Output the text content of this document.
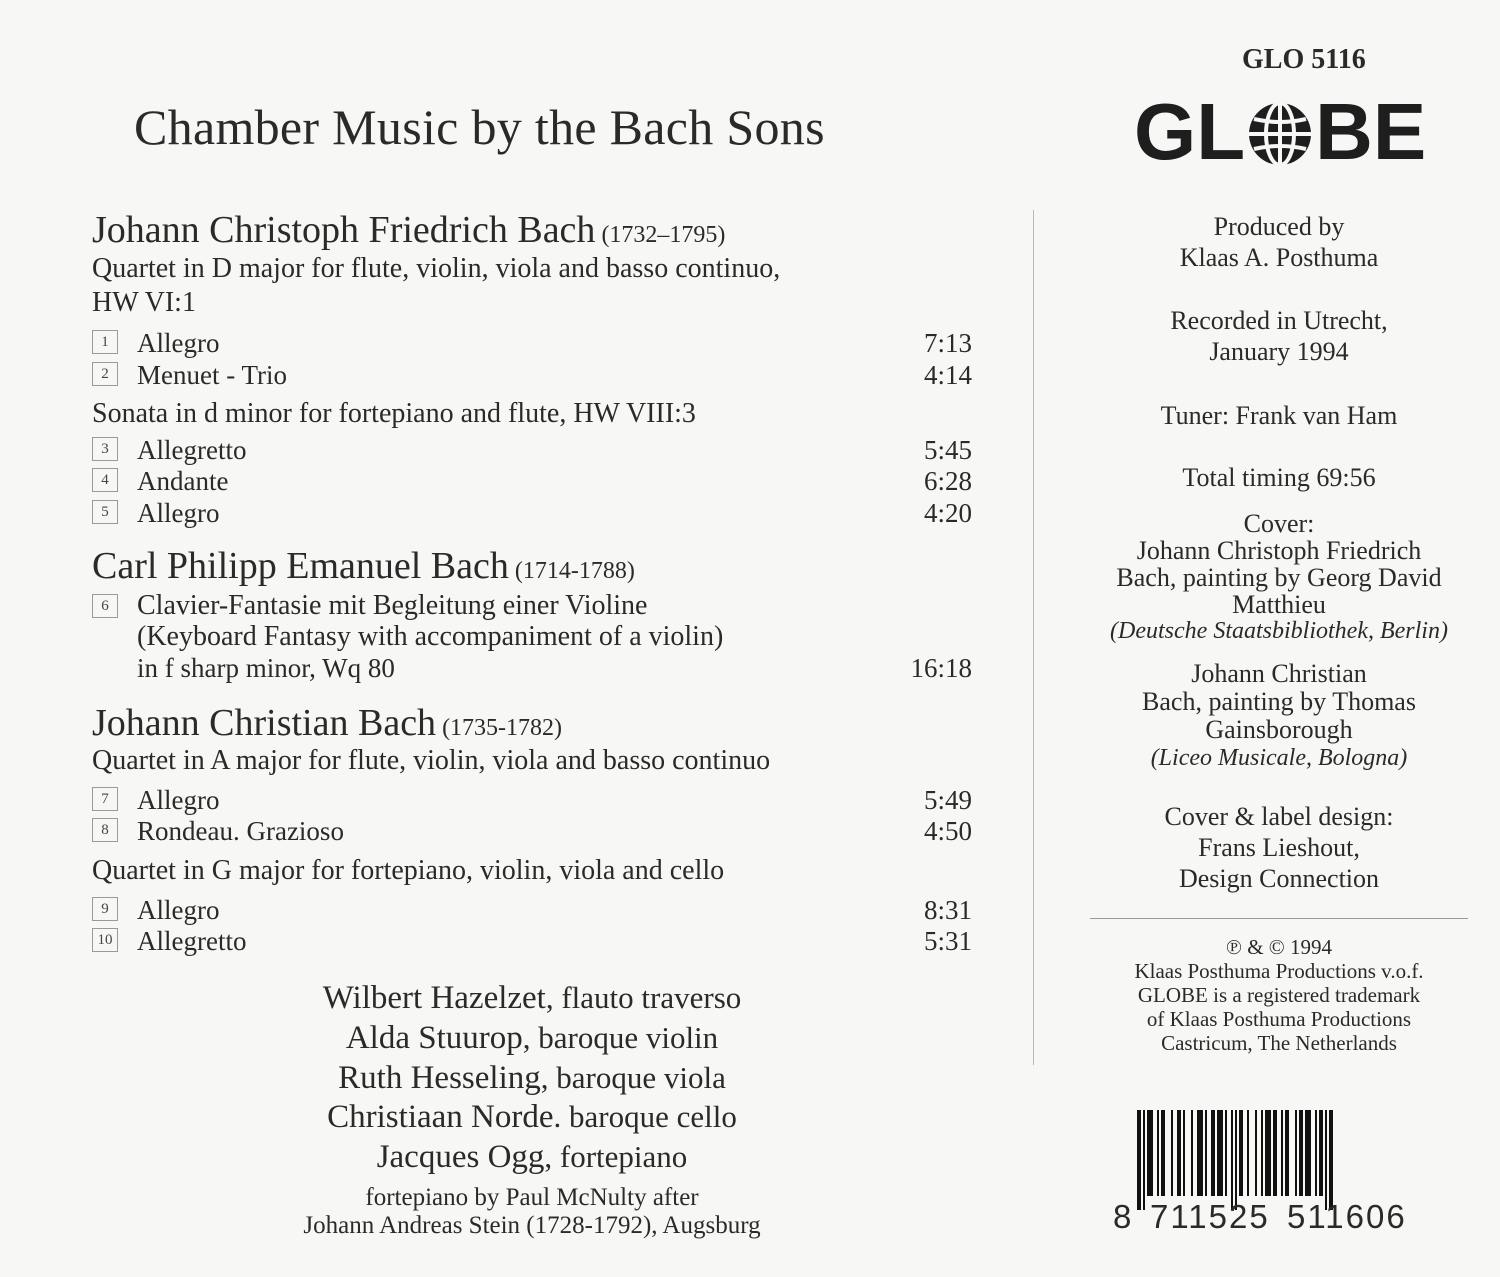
Chamber Music by the Bach Sons
Johann Christoph Friedrich Bach (1732–1795)
Quartet in D major for flute, violin, viola and basso continuo,
HW VI:1
1	Allegro	7:13
2	Menuet - Trio	4:14
Sonata in d minor for fortepiano and flute, HW VIII:3
3	Allegretto	5:45
4	Andante	6:28
5	Allegro	4:20
Carl Philipp Emanuel Bach (1714-1788)
6	Clavier-Fantasie mit Begleitung einer Violine
(Keyboard Fantasy with accompaniment of a violin)
in f sharp minor, Wq 80	16:18
Johann Christian Bach (1735-1782)
Quartet in A major for flute, violin, viola and basso continuo
7	Allegro	5:49
8	Rondeau. Grazioso	4:50
Quartet in G major for fortepiano, violin, viola and cello
9	Allegro	8:31
10 Allegretto	5:31
Wilbert Hazelzet, flauto traverso
Alda Stuurop, baroque violin
Ruth Hesseling, baroque viola
Christiaan Norde. baroque cello
Jacques Ogg, fortepiano
fortepiano by Paul McNulty after
Johann Andreas Stein (1728-1792), Augsburg
GLO 5116
GL BE
Produced by
Klaas A. Posthuma
Recorded in Utrecht,
January 1994
Tuner: Frank van Ham
Total timing 69:56
Cover:
Johann Christoph Friedrich
Bach, painting by Georg David
Matthieu
(Deutsche Staatsbibliothek, Berlin)
Johann Christian
Bach, painting by Thomas
Gainsborough
(Liceo Musicale, Bologna)
Cover & label design:
Frans Lieshout,
Design Connection
℗ & © 1994
Klaas Posthuma Productions v.o.f.
GLOBE is a registered trademark
of Klaas Posthuma Productions
Castricum, The Netherlands
8 711525 511606
